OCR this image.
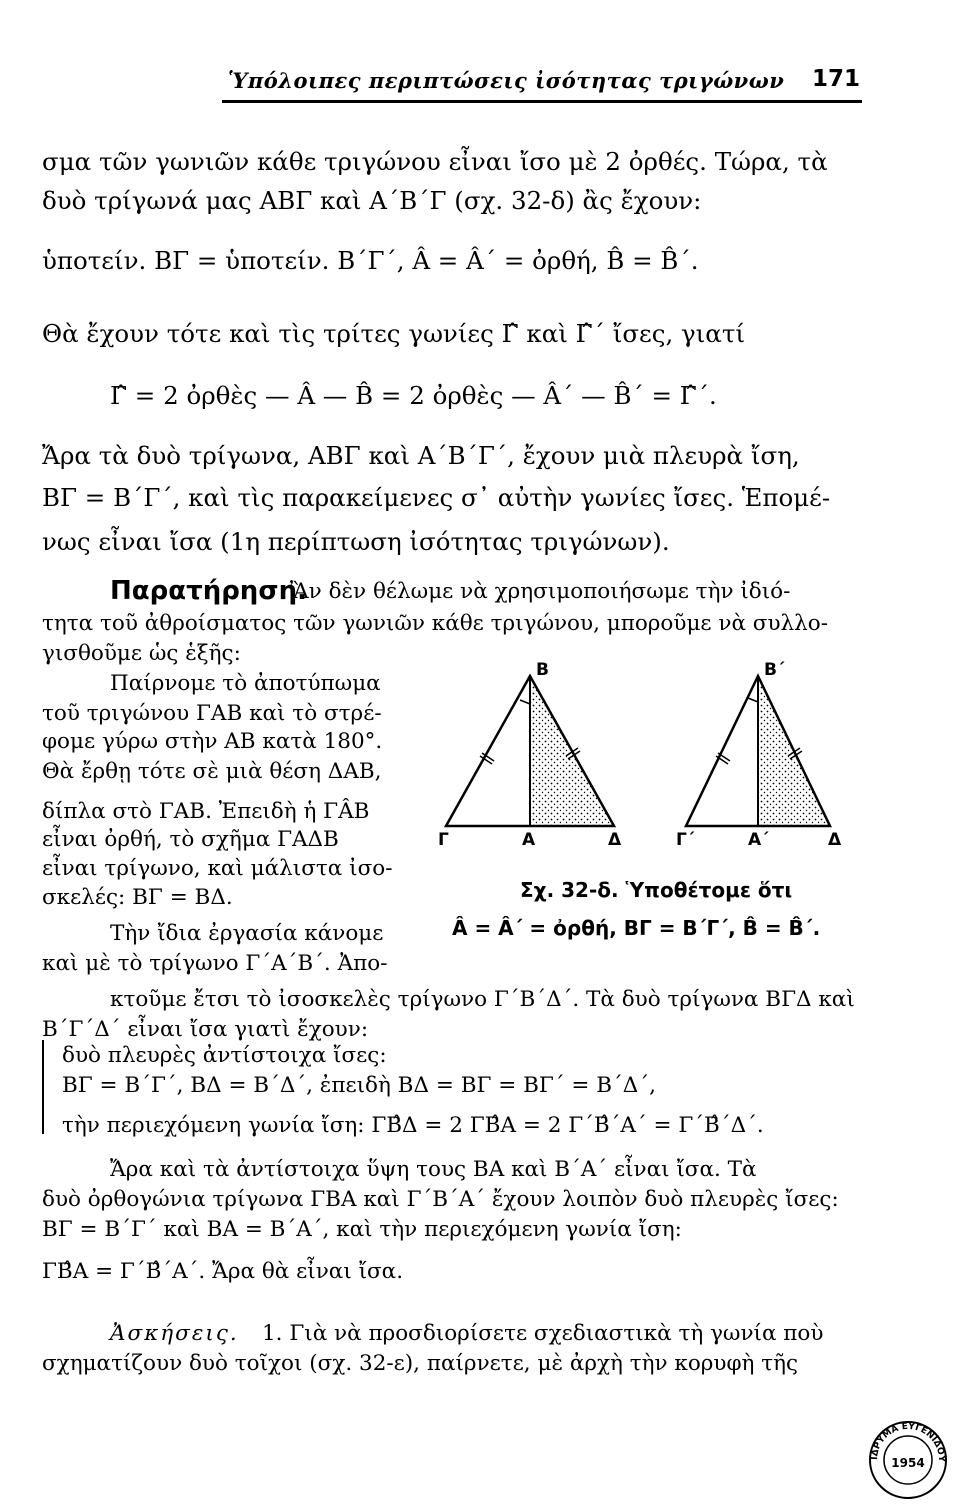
Ὑπόλοιπες περιπτώσεις ἰσότητας τριγώνων 171
σμα τῶν γωνιῶν κάθε τριγώνου εἶναι ἴσο μὲ 2 ὀρθές. Τώρα, τὰ
δυὸ τρίγωνά μας ΑΒΓ καὶ Α΄Β΄Γ (σχ. 32-δ) ἂς ἔχουν:
ὑποτείν. ΒΓ = ὑποτείν. Β΄Γ΄, Â = Â΄ = ὀρθή, B̂ = B̂΄.
Θὰ ἔχουν τότε καὶ τὶς τρίτες γωνίες Γ̂ καὶ Γ̂΄ ἴσες, γιατί
Γ̂ = 2 ὀρθὲς — Â — B̂ = 2 ὀρθὲς — Â΄ — B̂΄ = Γ̂΄.
Ἄρα τὰ δυὸ τρίγωνα, ΑΒΓ καὶ Α΄Β΄Γ΄, ἔχουν μιὰ πλευρὰ ἴση,
ΒΓ = Β΄Γ΄, καὶ τὶς παρακείμενες σ᾽ αὐτὴν γωνίες ἴσες. Ἑπομέ-
νως εἶναι ἴσα (1η περίπτωση ἰσότητας τριγώνων).
Παρατήρηση.
Ἂν δὲν θέλωμε νὰ χρησιμοποιήσωμε τὴν ἰδιό-
τητα τοῦ ἀθροίσματος τῶν γωνιῶν κάθε τριγώνου, μποροῦμε νὰ συλλο-
γισθοῦμε ὡς ἑξῆς:
Παίρνομε τὸ ἀποτύπωμα
τοῦ τριγώνου ΓΑΒ καὶ τὸ στρέ-
φομε γύρω στὴν ΑΒ κατὰ 180°.
Θὰ ἔρθῃ τότε σὲ μιὰ θέση ΔΑΒ,
δίπλα στὸ ΓΑΒ. Ἐπειδὴ ἡ ΓÂΒ
εἶναι ὀρθή, τὸ σχῆμα ΓΑΔΒ
εἶναι τρίγωνο, καὶ μάλιστα ἰσο-
σκελές: ΒΓ = ΒΔ.
Τὴν ἴδια ἐργασία κάνομε
καὶ μὲ τὸ τρίγωνο Γ΄Α΄Β΄. Ἀπο-
Β
Γ	Α	Δ
Β΄
Γ΄	Α΄	Δ
Σχ. 32-δ. Ὑποθέτομε ὅτι
Â = Â΄ = ὀρθή, ΒΓ = Β΄Γ΄, B̂ = B̂΄.
κτοῦμε ἔτσι τὸ ἰσοσκελὲς τρίγωνο Γ΄Β΄Δ΄. Τὰ δυὸ τρίγωνα ΒΓΔ καὶ
Β΄Γ΄Δ΄ εἶναι ἴσα γιατὶ ἔχουν:
δυὸ πλευρὲς ἀντίστοιχα ἴσες:
ΒΓ = Β΄Γ΄, ΒΔ = Β΄Δ΄, ἐπειδὴ ΒΔ = ΒΓ = ΒΓ΄ = Β΄Δ΄,
τὴν περιεχόμενη γωνία ἴση: ΓΒ̂Δ = 2 ΓΒ̂Α = 2 Γ΄Β̂΄Α΄ = Γ΄Β̂΄Δ΄.
Ἄρα καὶ τὰ ἀντίστοιχα ὕψη τους ΒΑ καὶ Β΄Α΄ εἶναι ἴσα. Τὰ
δυὸ ὀρθογώνια τρίγωνα ΓΒΑ καὶ Γ΄Β΄Α΄ ἔχουν λοιπὸν δυὸ πλευρὲς ἴσες:
ΒΓ = Β΄Γ΄ καὶ ΒΑ = Β΄Α΄, καὶ τὴν περιεχόμενη γωνία ἴση:
ΓΒ̂Α = Γ΄Β̂΄Α΄. Ἄρα θὰ εἶναι ἴσα.
Ἀσκήσεις. 1. Γιὰ νὰ προσδιορίσετε σχεδιαστικὰ τὴ γωνία ποὺ
σχηματίζουν δυὸ τοῖχοι (σχ. 32-ε), παίρνετε, μὲ ἀρχὴ τὴν κορυφὴ τῆς
ΙΔΡΥΜΑ ΕΥΓΕΝΙΔΟΥ
1954
